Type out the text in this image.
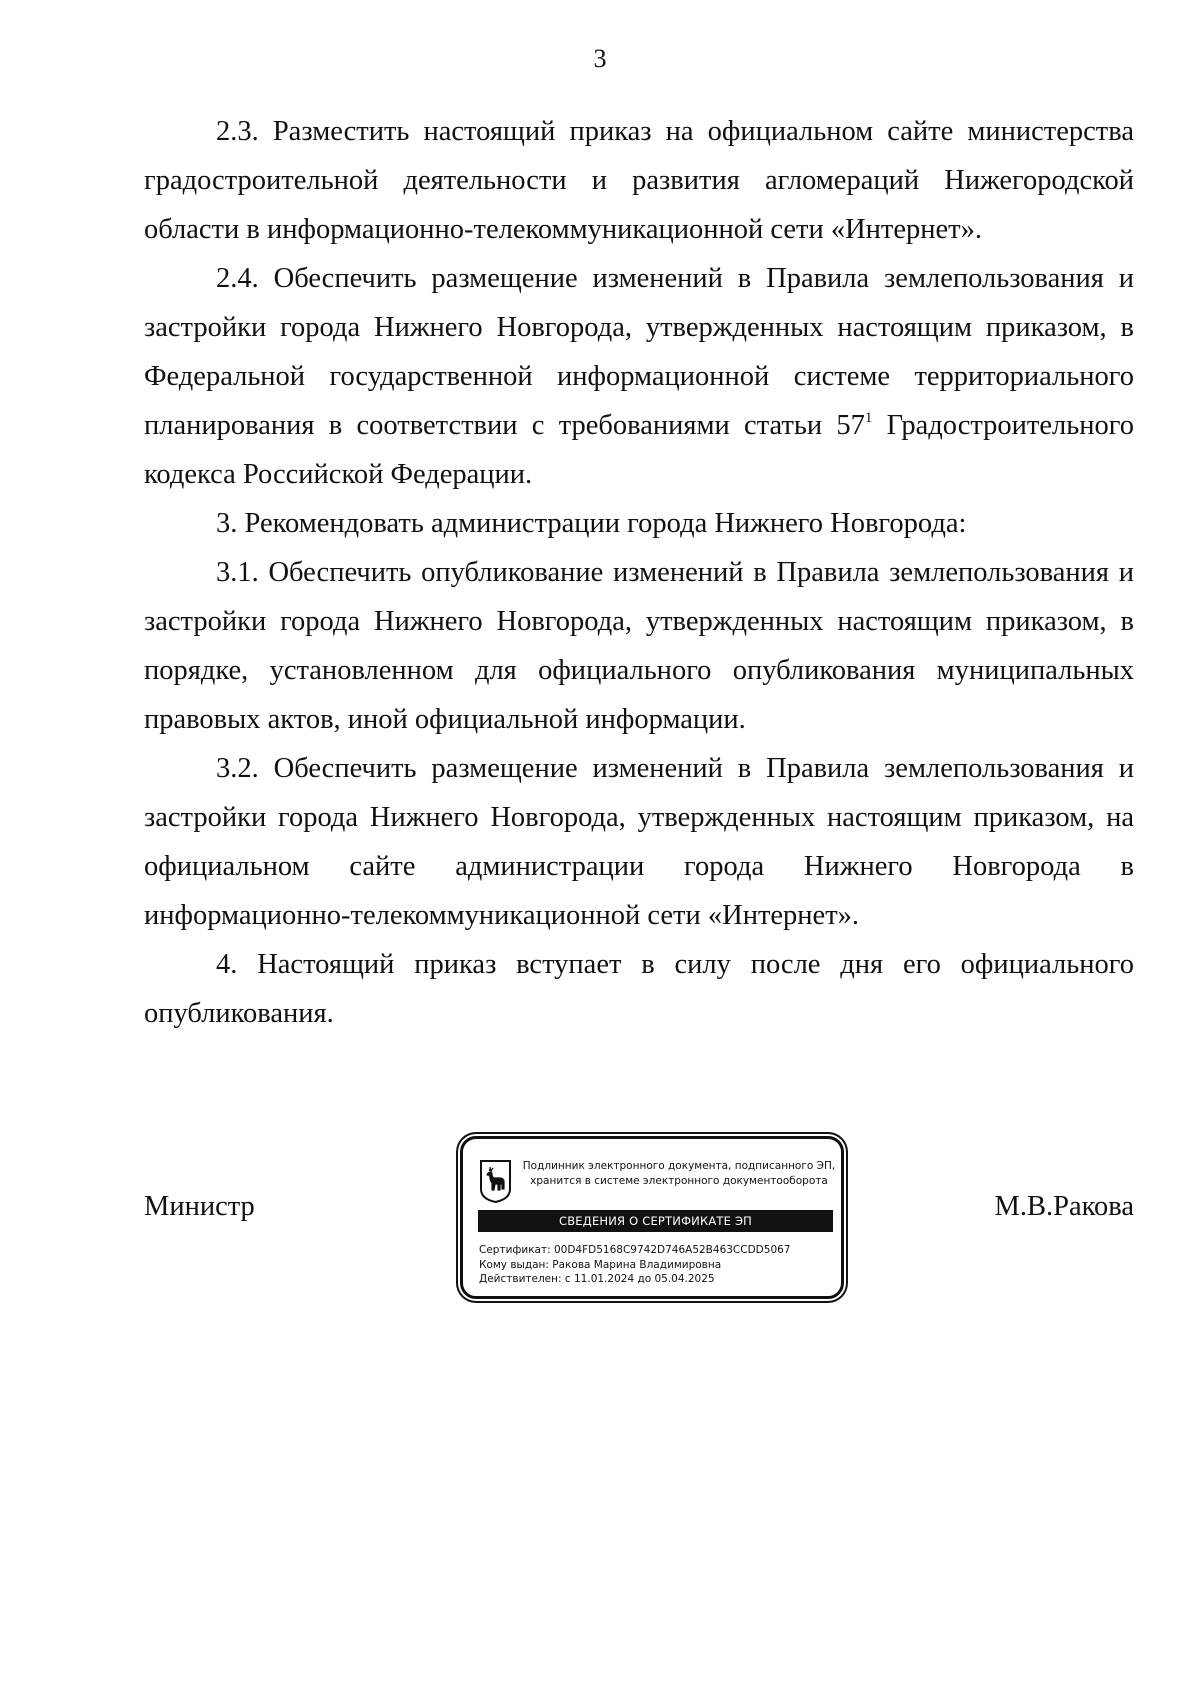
3

2.3. Разместить настоящий приказ на официальном сайте министерства градостроительной деятельности и развития агломераций Нижегородской области в информационно-телекоммуникационной сети «Интернет».

2.4. Обеспечить размещение изменений в Правила землепользования и застройки города Нижнего Новгорода, утвержденных настоящим приказом, в Федеральной государственной информационной системе территориального планирования в соответствии с требованиями статьи $57^1$ Градостроительного кодекса Российской Федерации.

3. Рекомендовать администрации города Нижнего Новгорода:

3.1. Обеспечить опубликование изменений в Правила землепользования и застройки города Нижнего Новгорода, утвержденных настоящим приказом, в порядке, установленном для официального опубликования муниципальных правовых актов, иной официальной информации.

3.2. Обеспечить размещение изменений в Правила землепользования и застройки города Нижнего Новгорода, утвержденных настоящим приказом, на официальном сайте администрации города Нижнего Новгорода в информационно-телекоммуникационной сети «Интернет».

4. Настоящий приказ вступает в силу после дня его официального опубликования.

Министр	М.В.Ракова
Подлинник электронного документа, подписанного ЭП,
хранится в системе электронного документооборота
СВЕДЕНИЯ О СЕРТИФИКАТЕ ЭП
Сертификат: 00D4FD5168C9742D746A52B463CCDD5067
Кому выдан: Ракова Марина Владимировна
Действителен: с 11.01.2024 до 05.04.2025
